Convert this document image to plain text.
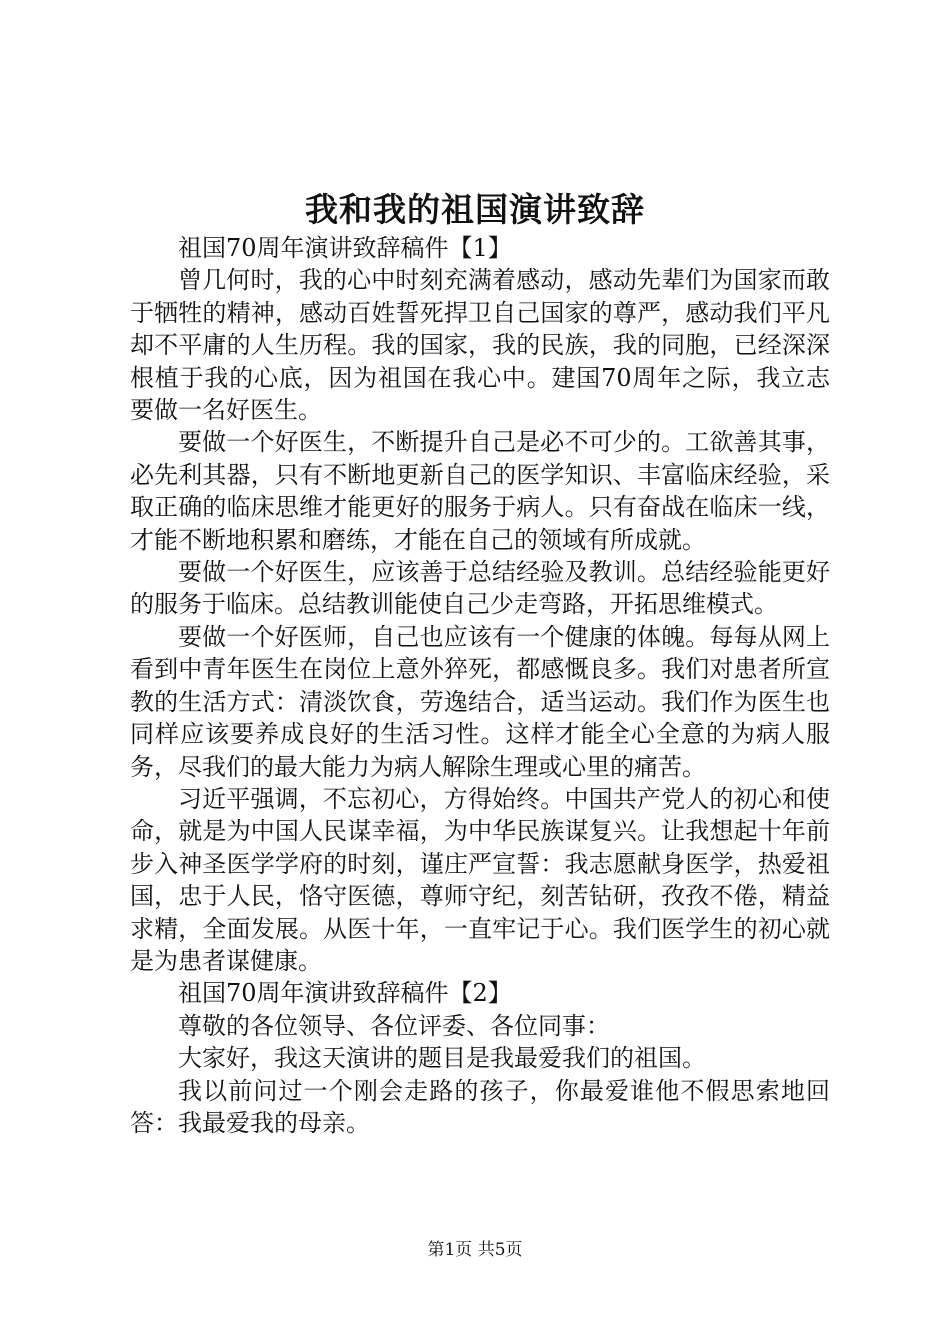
我和我的祖国演讲致辞

祖国70周年演讲致辞稿件【1】

曾几何时，我的心中时刻充满着感动，感动先辈们为国家而敢于牺牲的精神，感动百姓誓死捍卫自己国家的尊严，感动我们平凡却不平庸的人生历程。我的国家，我的民族，我的同胞，已经深深根植于我的心底，因为祖国在我心中。建国70周年之际，我立志要做一名好医生。

要做一个好医生，不断提升自己是必不可少的。工欲善其事，必先利其器，只有不断地更新自己的医学知识、丰富临床经验，采取正确的临床思维才能更好的服务于病人。只有奋战在临床一线，才能不断地积累和磨练，才能在自己的领域有所成就。

要做一个好医生，应该善于总结经验及教训。总结经验能更好的服务于临床。总结教训能使自己少走弯路，开拓思维模式。

要做一个好医师，自己也应该有一个健康的体魄。每每从网上看到中青年医生在岗位上意外猝死，都感慨良多。我们对患者所宣教的生活方式：清淡饮食，劳逸结合，适当运动。我们作为医生也同样应该要养成良好的生活习性。这样才能全心全意的为病人服务，尽我们的最大能力为病人解除生理或心里的痛苦。

习近平强调，不忘初心，方得始终。中国共产党人的初心和使命，就是为中国人民谋幸福，为中华民族谋复兴。让我想起十年前步入神圣医学学府的时刻，谨庄严宣誓：我志愿献身医学，热爱祖国，忠于人民，恪守医德，尊师守纪，刻苦钻研，孜孜不倦，精益求精，全面发展。从医十年，一直牢记于心。我们医学生的初心就是为患者谋健康。

祖国70周年演讲致辞稿件【2】

尊敬的各位领导、各位评委、各位同事：

大家好，我这天演讲的题目是我最爱我们的祖国。

我以前问过一个刚会走路的孩子，你最爱谁他不假思索地回答：我最爱我的母亲。

第1页 共5页
